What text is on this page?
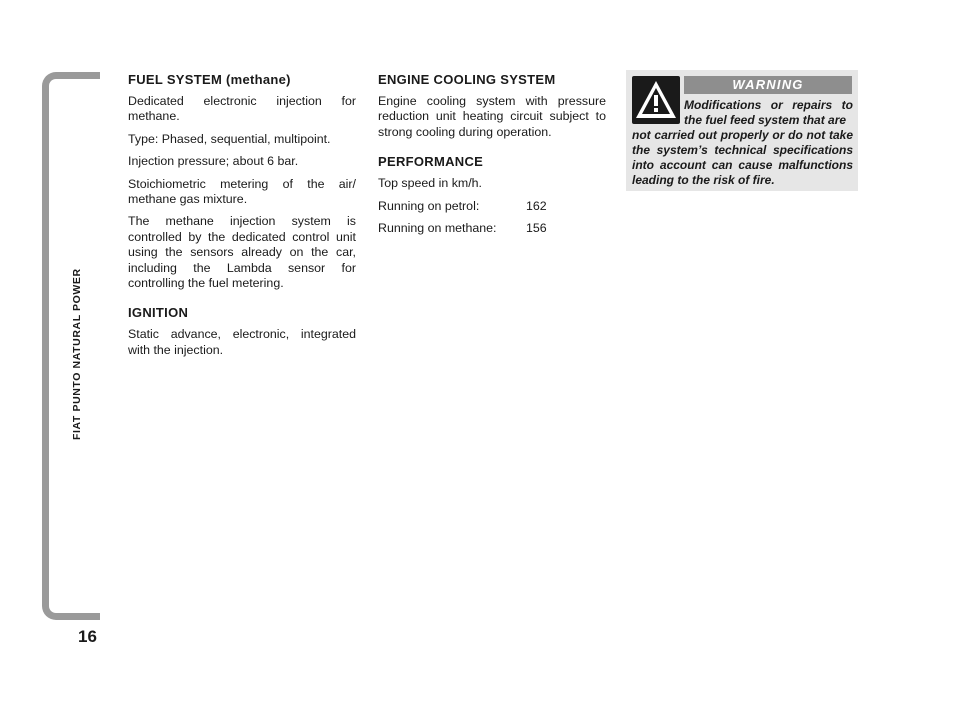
FIAT PUNTO NATURAL POWER
16
FUEL SYSTEM (methane)

Dedicated electronic injection for methane.

Type: Phased, sequential, multipoint.

Injection pressure; about 6 bar.

Stoichiometric metering of the air/ methane gas mixture.

The methane injection system is controlled by the dedicated control unit using the sensors already on the car, including the Lambda sensor for controlling the fuel metering.

IGNITION

Static advance, electronic, integrated with the injection.

ENGINE COOLING SYSTEM

Engine cooling system with pressure reduction unit heating circuit subject to strong cooling during operation.

PERFORMANCE

Top speed in km/h.

Running on petrol:	162
Running on methane:	156
WARNING
Modifications or repairs to the fuel feed system that are
not carried out properly or do not take the system’s technical specifications into account can cause malfunctions leading to the risk of fire.
